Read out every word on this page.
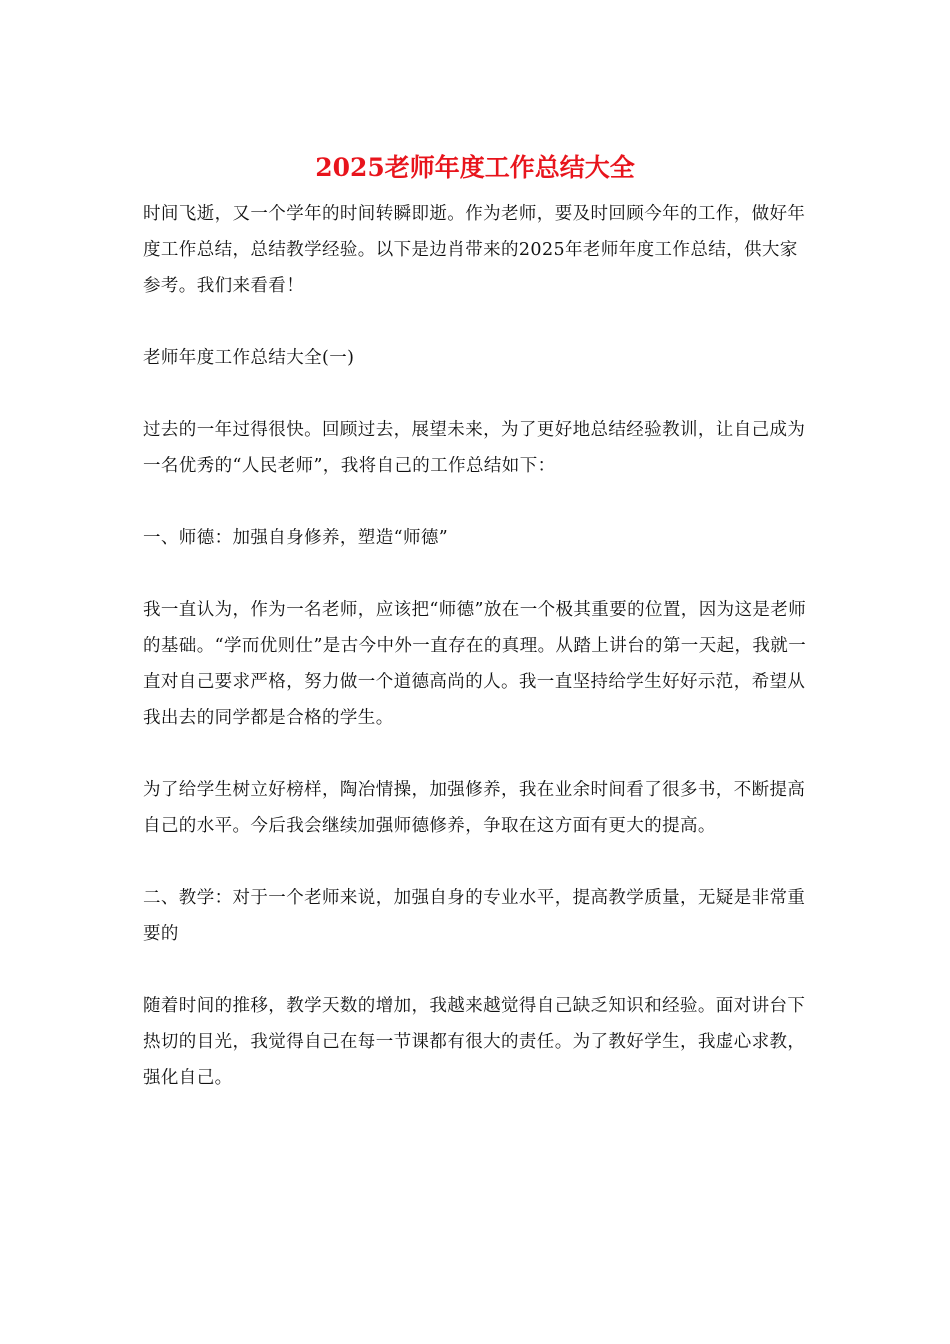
2025老师年度工作总结大全

时间飞逝，又一个学年的时间转瞬即逝。作为老师，要及时回顾今年的工作，做好年度工作总结，总结教学经验。以下是边肖带来的2025年老师年度工作总结，供大家参考。我们来看看！

老师年度工作总结大全(一)

过去的一年过得很快。回顾过去，展望未来，为了更好地总结经验教训，让自己成为一名优秀的“人民老师”，我将自己的工作总结如下：

一、师德：加强自身修养，塑造“师德”

我一直认为，作为一名老师，应该把“师德”放在一个极其重要的位置，因为这是老师的基础。“学而优则仕”是古今中外一直存在的真理。从踏上讲台的第一天起，我就一直对自己要求严格，努力做一个道德高尚的人。我一直坚持给学生好好示范，希望从我出去的同学都是合格的学生。

为了给学生树立好榜样，陶冶情操，加强修养，我在业余时间看了很多书，不断提高自己的水平。今后我会继续加强师德修养，争取在这方面有更大的提高。

二、教学：对于一个老师来说，加强自身的专业水平，提高教学质量，无疑是非常重要的

随着时间的推移，教学天数的增加，我越来越觉得自己缺乏知识和经验。面对讲台下热切的目光，我觉得自己在每一节课都有很大的责任。为了教好学生，我虚心求教，强化自己。
